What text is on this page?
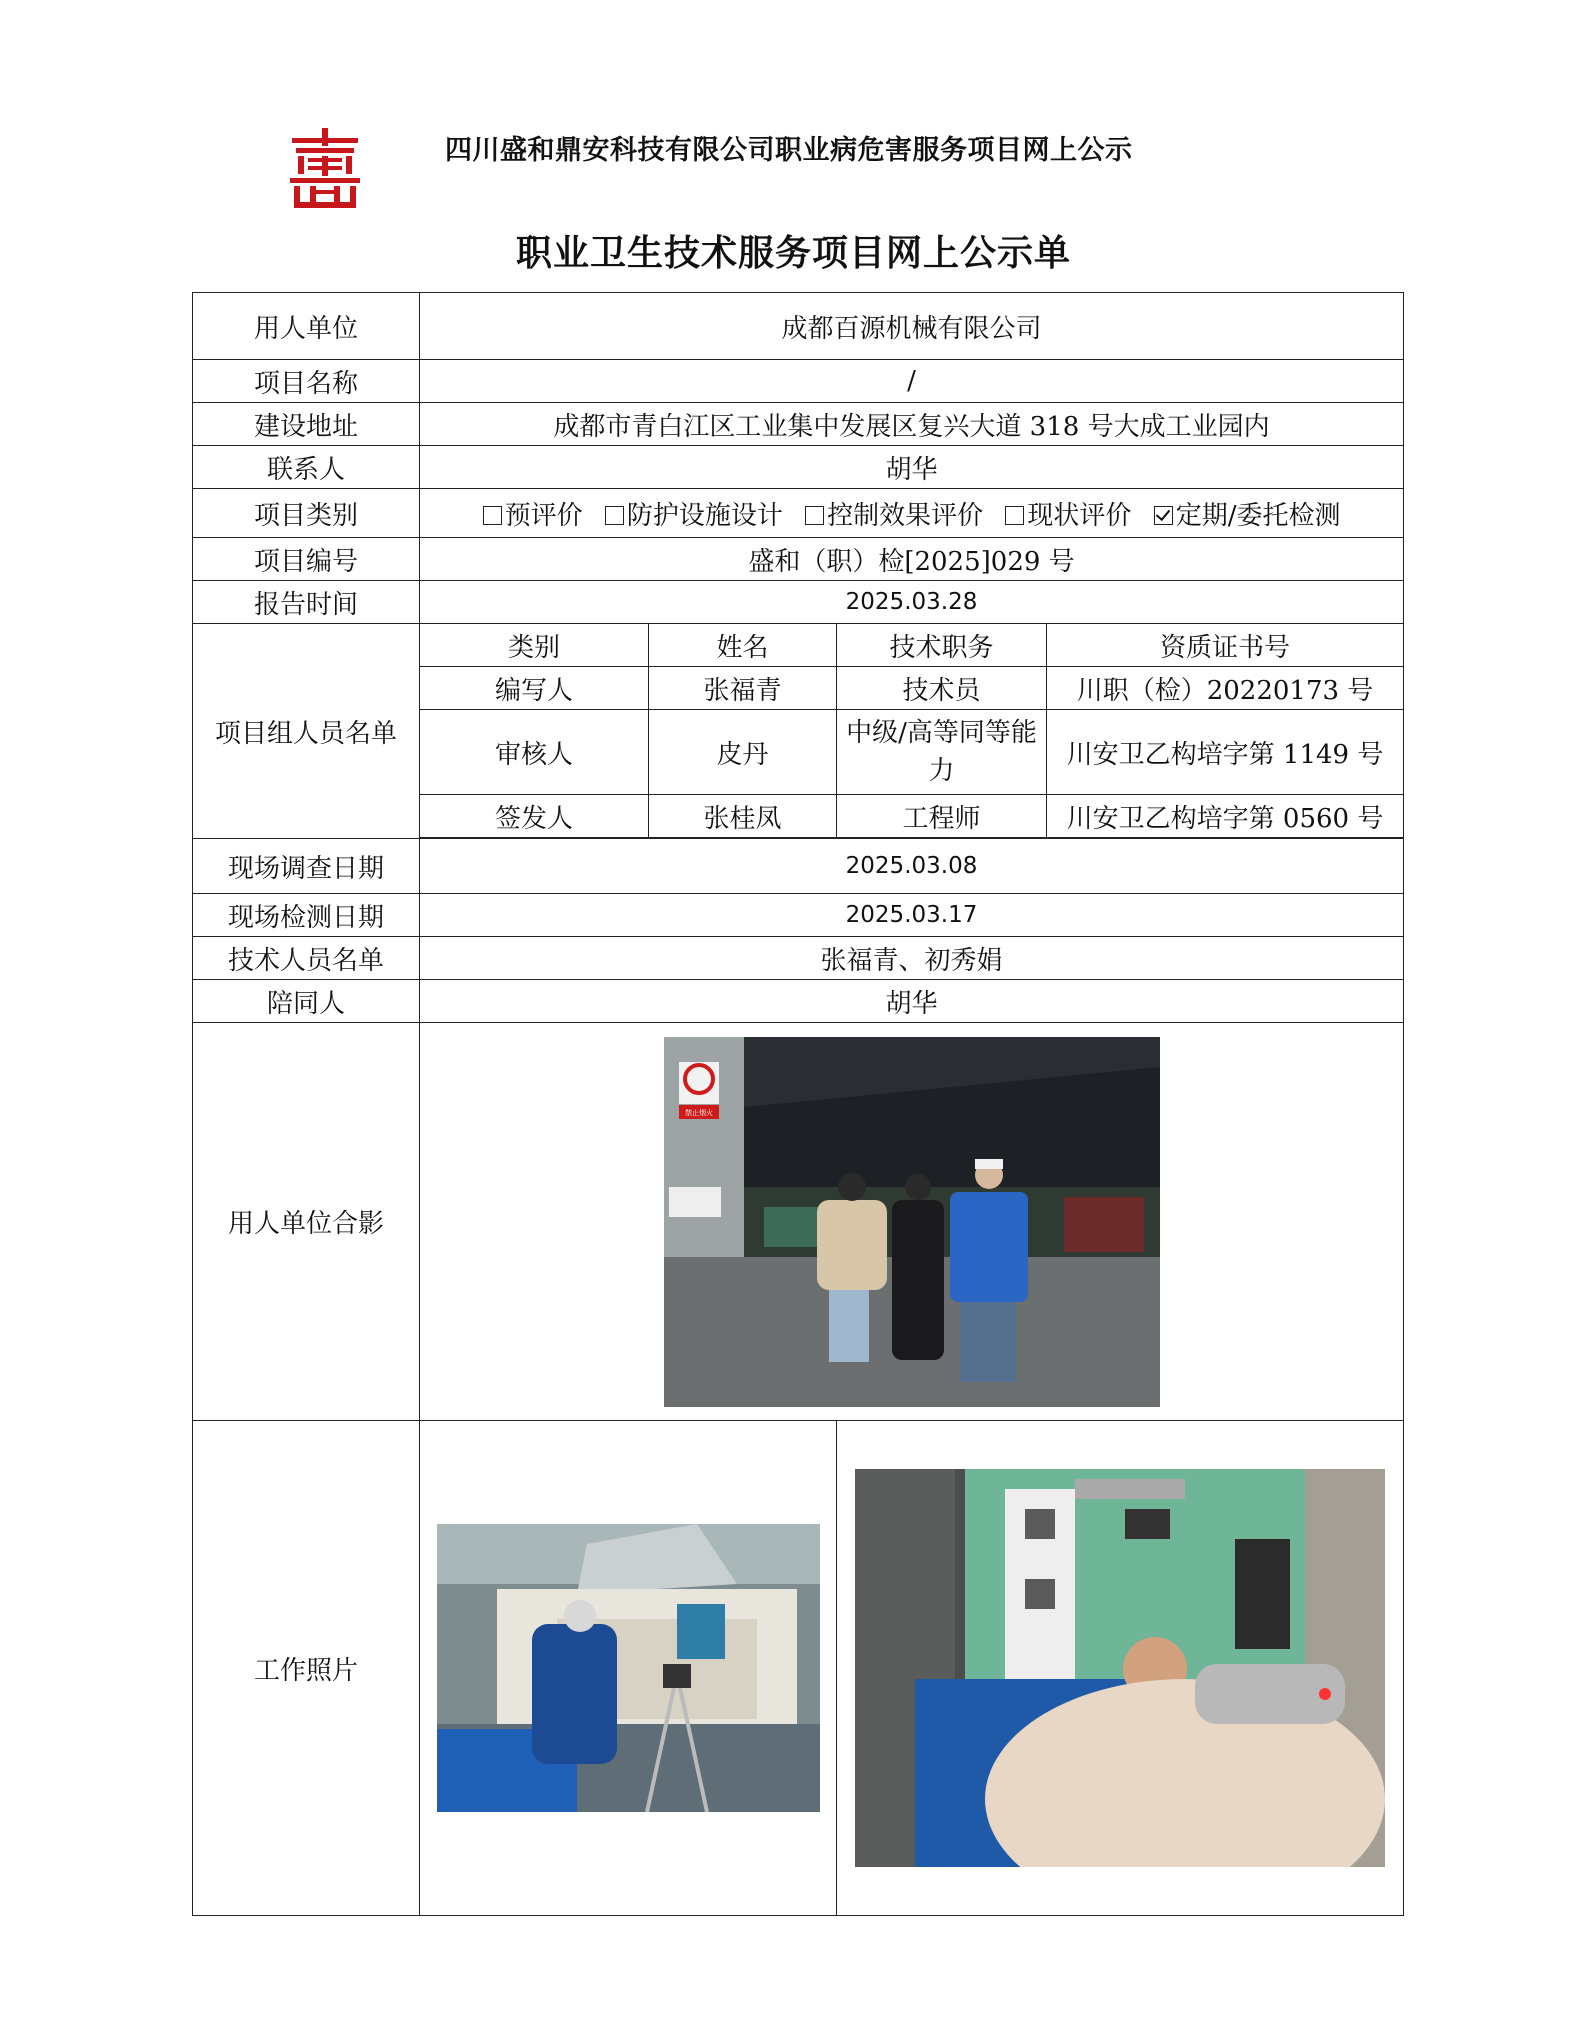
四川盛和鼎安科技有限公司职业病危害服务项目网上公示
职业卫生技术服务项目网上公示单
用人单位	成都百源机械有限公司			
项目名称	/			
建设地址	成都市青白江区工业集中发展区复兴大道 318 号大成工业园内			
联系人	胡华			
项目类别	预评价 防护设施设计 控制效果评价 现状评价 定期/委托检测			
项目编号	盛和（职）检[2025]029 号			
报告时间	2025.03.28			
项目组人员名单	类别	姓名	技术职务	资质证书号
	编写人	张福青	技术员	川职（检）20220173 号
	审核人	皮丹	中级/高等同等能力	川安卫乙构培字第 1149 号
	签发人	张桂凤	工程师	川安卫乙构培字第 0560 号

现场调查日期	2025.03.08			
现场检测日期	2025.03.17			
技术人员名单	张福青、初秀娟			
陪同人	胡华			
用人单位合影	禁止烟火			

工作照片	
